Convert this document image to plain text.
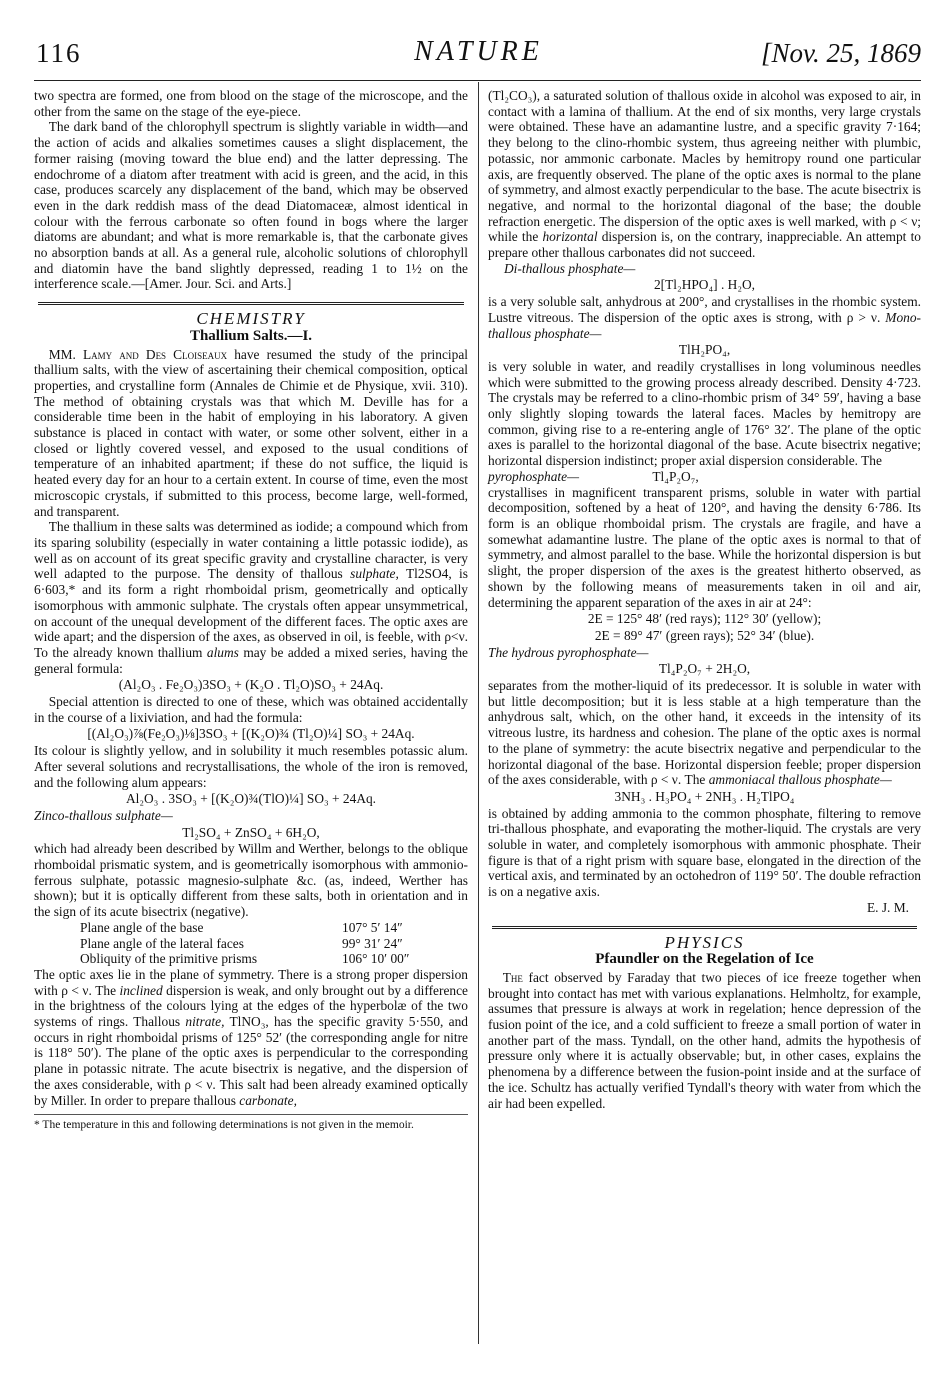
116	NATURE	[Nov. 25, 1869

two spectra are formed, one from blood on the stage of the microscope, and the other from the same on the stage of the eye-piece.

The dark band of the chlorophyll spectrum is slightly variable in width—and the action of acids and alkalies sometimes causes a slight displacement, the former raising (moving toward the blue end) and the latter depressing. The endochrome of a diatom after treatment with acid is green, and the acid, in this case, produces scarcely any displacement of the band, which may be observed even in the dark reddish mass of the dead Diatomaceæ, almost identical in colour with the ferrous carbonate so often found in bogs where the larger diatoms are abundant; and what is more remarkable is, that the carbonate gives no absorption bands at all. As a general rule, alcoholic solutions of chlorophyll and diatomin have the band slightly depressed, reading 1 to 1½ on the interference scale.—[Amer. Jour. Sci. and Arts.]

CHEMISTRY
Thallium Salts.—I.

MM. Lamy and Des Cloiseaux have resumed the study of the principal thallium salts, with the view of ascertaining their chemical composition, optical properties, and crystalline form (Annales de Chimie et de Physique, xvii. 310). The method of obtaining crystals was that which M. Deville has for a considerable time been in the habit of employing in his laboratory. A given substance is placed in contact with water, or some other solvent, either in a closed or lightly covered vessel, and exposed to the usual conditions of temperature of an inhabited apartment; if these do not suffice, the liquid is heated every day for an hour to a certain extent. In course of time, even the most microscopic crystals, if submitted to this process, become large, well-formed, and transparent.

The thallium in these salts was determined as iodide; a compound which from its sparing solubility (especially in water containing a little potassic iodide), as well as on account of its great specific gravity and crystalline character, is very well adapted to the purpose. The density of thallous sulphate, Tl2SO4, is 6·603,* and its form a right rhomboidal prism, geometrically and optically isomorphous with ammonic sulphate. The crystals often appear unsymmetrical, on account of the unequal development of the different faces. The optic axes are wide apart; and the dispersion of the axes, as observed in oil, is feeble, with ρ<ν. To the already known thallium alums may be added a mixed series, having the general formula:

(Al₂O₃ . Fe₂O₃)3SO₃ + (K₂O . Tl₂O)SO₃ + 24Aq.

Special attention is directed to one of these, which was obtained accidentally in the course of a lixiviation, and had the formula:

[(Al₂O₃)⅞(Fe₂O₃)⅛]3SO₃ + [(K₂O)¾ (Tl₂O)¼] SO₃ + 24Aq.

Its colour is slightly yellow, and in solubility it much resembles potassic alum. After several solutions and recrystallisations, the whole of the iron is removed, and the following alum appears:

Al₂O₃ . 3SO₃ + [(K₂O)¾(TlO)¼] SO₃ + 24Aq.

Zinco-thallous sulphate—

Tl₂SO₄ + ZnSO₄ + 6H₂O,

which had already been described by Willm and Werther, belongs to the oblique rhomboidal prismatic system, and is geometrically isomorphous with ammonio-ferrous sulphate, potassic magnesio-sulphate &c. (as, indeed, Werther has shown); but it is optically different from these salts, both in orientation and in the sign of its acute bisectrix (negative).

Plane angle of the base	107° 5′ 14″
Plane angle of the lateral faces	99° 31′ 24″
Obliquity of the primitive prisms	106° 10′ 00″

The optic axes lie in the plane of symmetry. There is a strong proper dispersion with ρ < ν. The inclined dispersion is weak, and only brought out by a difference in the brightness of the colours lying at the edges of the hyperbolæ of the two systems of rings. Thallous nitrate, TlNO₃, has the specific gravity 5·550, and occurs in right rhomboidal prisms of 125° 52′ (the corresponding angle for nitre is 118° 50′). The plane of the optic axes is perpendicular to the corresponding plane in potassic nitrate. The acute bisectrix is negative, and the dispersion of the axes considerable, with ρ < ν. This salt had been already examined optically by Miller. In order to prepare thallous carbonate,

* The temperature in this and following determinations is not given in the memoir.

(Tl₂CO₃), a saturated solution of thallous oxide in alcohol was exposed to air, in contact with a lamina of thallium. At the end of six months, very large crystals were obtained. These have an adamantine lustre, and a specific gravity 7·164; they belong to the clino-rhombic system, thus agreeing neither with plumbic, potassic, nor ammonic carbonate. Macles by hemitropy round one particular axis, are frequently observed. The plane of the optic axes is normal to the plane of symmetry, and almost exactly perpendicular to the base. The acute bisectrix is negative, and normal to the horizontal diagonal of the base; the double refraction energetic. The dispersion of the optic axes is well marked, with ρ < ν; while the horizontal dispersion is, on the contrary, inappreciable. An attempt to prepare other thallous carbonates did not succeed.

Di-thallous phosphate—

2[Tl₂HPO₄] . H₂O,

is a very soluble salt, anhydrous at 200°, and crystallises in the rhombic system. Lustre vitreous. The dispersion of the optic axes is strong, with ρ > ν. Mono-thallous phosphate—

TlH₂PO₄,

is very soluble in water, and readily crystallises in long voluminous needles which were submitted to the growing process already described. Density 4·723. The crystals may be referred to a clino-rhombic prism of 34° 59′, having a base only slightly sloping towards the lateral faces. Macles by hemitropy are common, giving rise to a re-entering angle of 176° 32′. The plane of the optic axes is parallel to the horizontal diagonal of the base. Acute bisectrix negative; horizontal dispersion indistinct; proper axial dispersion considerable. The

pyrophosphate—	Tl₄P₂O₇,

crystallises in magnificent transparent prisms, soluble in water with partial decomposition, softened by a heat of 120°, and having the density 6·786. Its form is an oblique rhomboidal prism. The crystals are fragile, and have a somewhat adamantine lustre. The plane of the optic axes is normal to that of symmetry, and almost parallel to the base. While the horizontal dispersion is but slight, the proper dispersion of the axes is the greatest hitherto observed, as shown by the following means of measurements taken in oil and air, determining the apparent separation of the axes in air at 24°:

2E = 125° 48′ (red rays); 112° 30′ (yellow);

2E = 89° 47′ (green rays); 52° 34′ (blue).

The hydrous pyrophosphate—

Tl₄P₂O₇ + 2H₂O,

separates from the mother-liquid of its predecessor. It is soluble in water with but little decomposition; but it is less stable at a high temperature than the anhydrous salt, which, on the other hand, it exceeds in the intensity of its vitreous lustre, its hardness and cohesion. The plane of the optic axes is normal to the plane of symmetry: the acute bisectrix negative and perpendicular to the horizontal diagonal of the base. Horizontal dispersion feeble; proper dispersion of the axes considerable, with ρ < ν. The ammoniacal thallous phosphate—

3NH₃ . H₃PO₄ + 2NH₃ . H₂TlPO₄

is obtained by adding ammonia to the common phosphate, filtering to remove tri-thallous phosphate, and evaporating the mother-liquid. The crystals are very soluble in water, and completely isomorphous with ammonic phosphate. Their figure is that of a right prism with square base, elongated in the direction of the vertical axis, and terminated by an octohedron of 119° 50′. The double refraction is on a negative axis.

E. J. M.

PHYSICS
Pfaundler on the Regelation of Ice

The fact observed by Faraday that two pieces of ice freeze together when brought into contact has met with various explanations. Helmholtz, for example, assumes that pressure is always at work in regelation; hence depression of the fusion point of the ice, and a cold sufficient to freeze a small portion of water in another part of the mass. Tyndall, on the other hand, admits the hypothesis of pressure only where it is actually observable; but, in other cases, explains the phenomena by a difference between the fusion-point inside and at the surface of the ice. Schultz has actually verified Tyndall's theory with water from which the air had been expelled.
